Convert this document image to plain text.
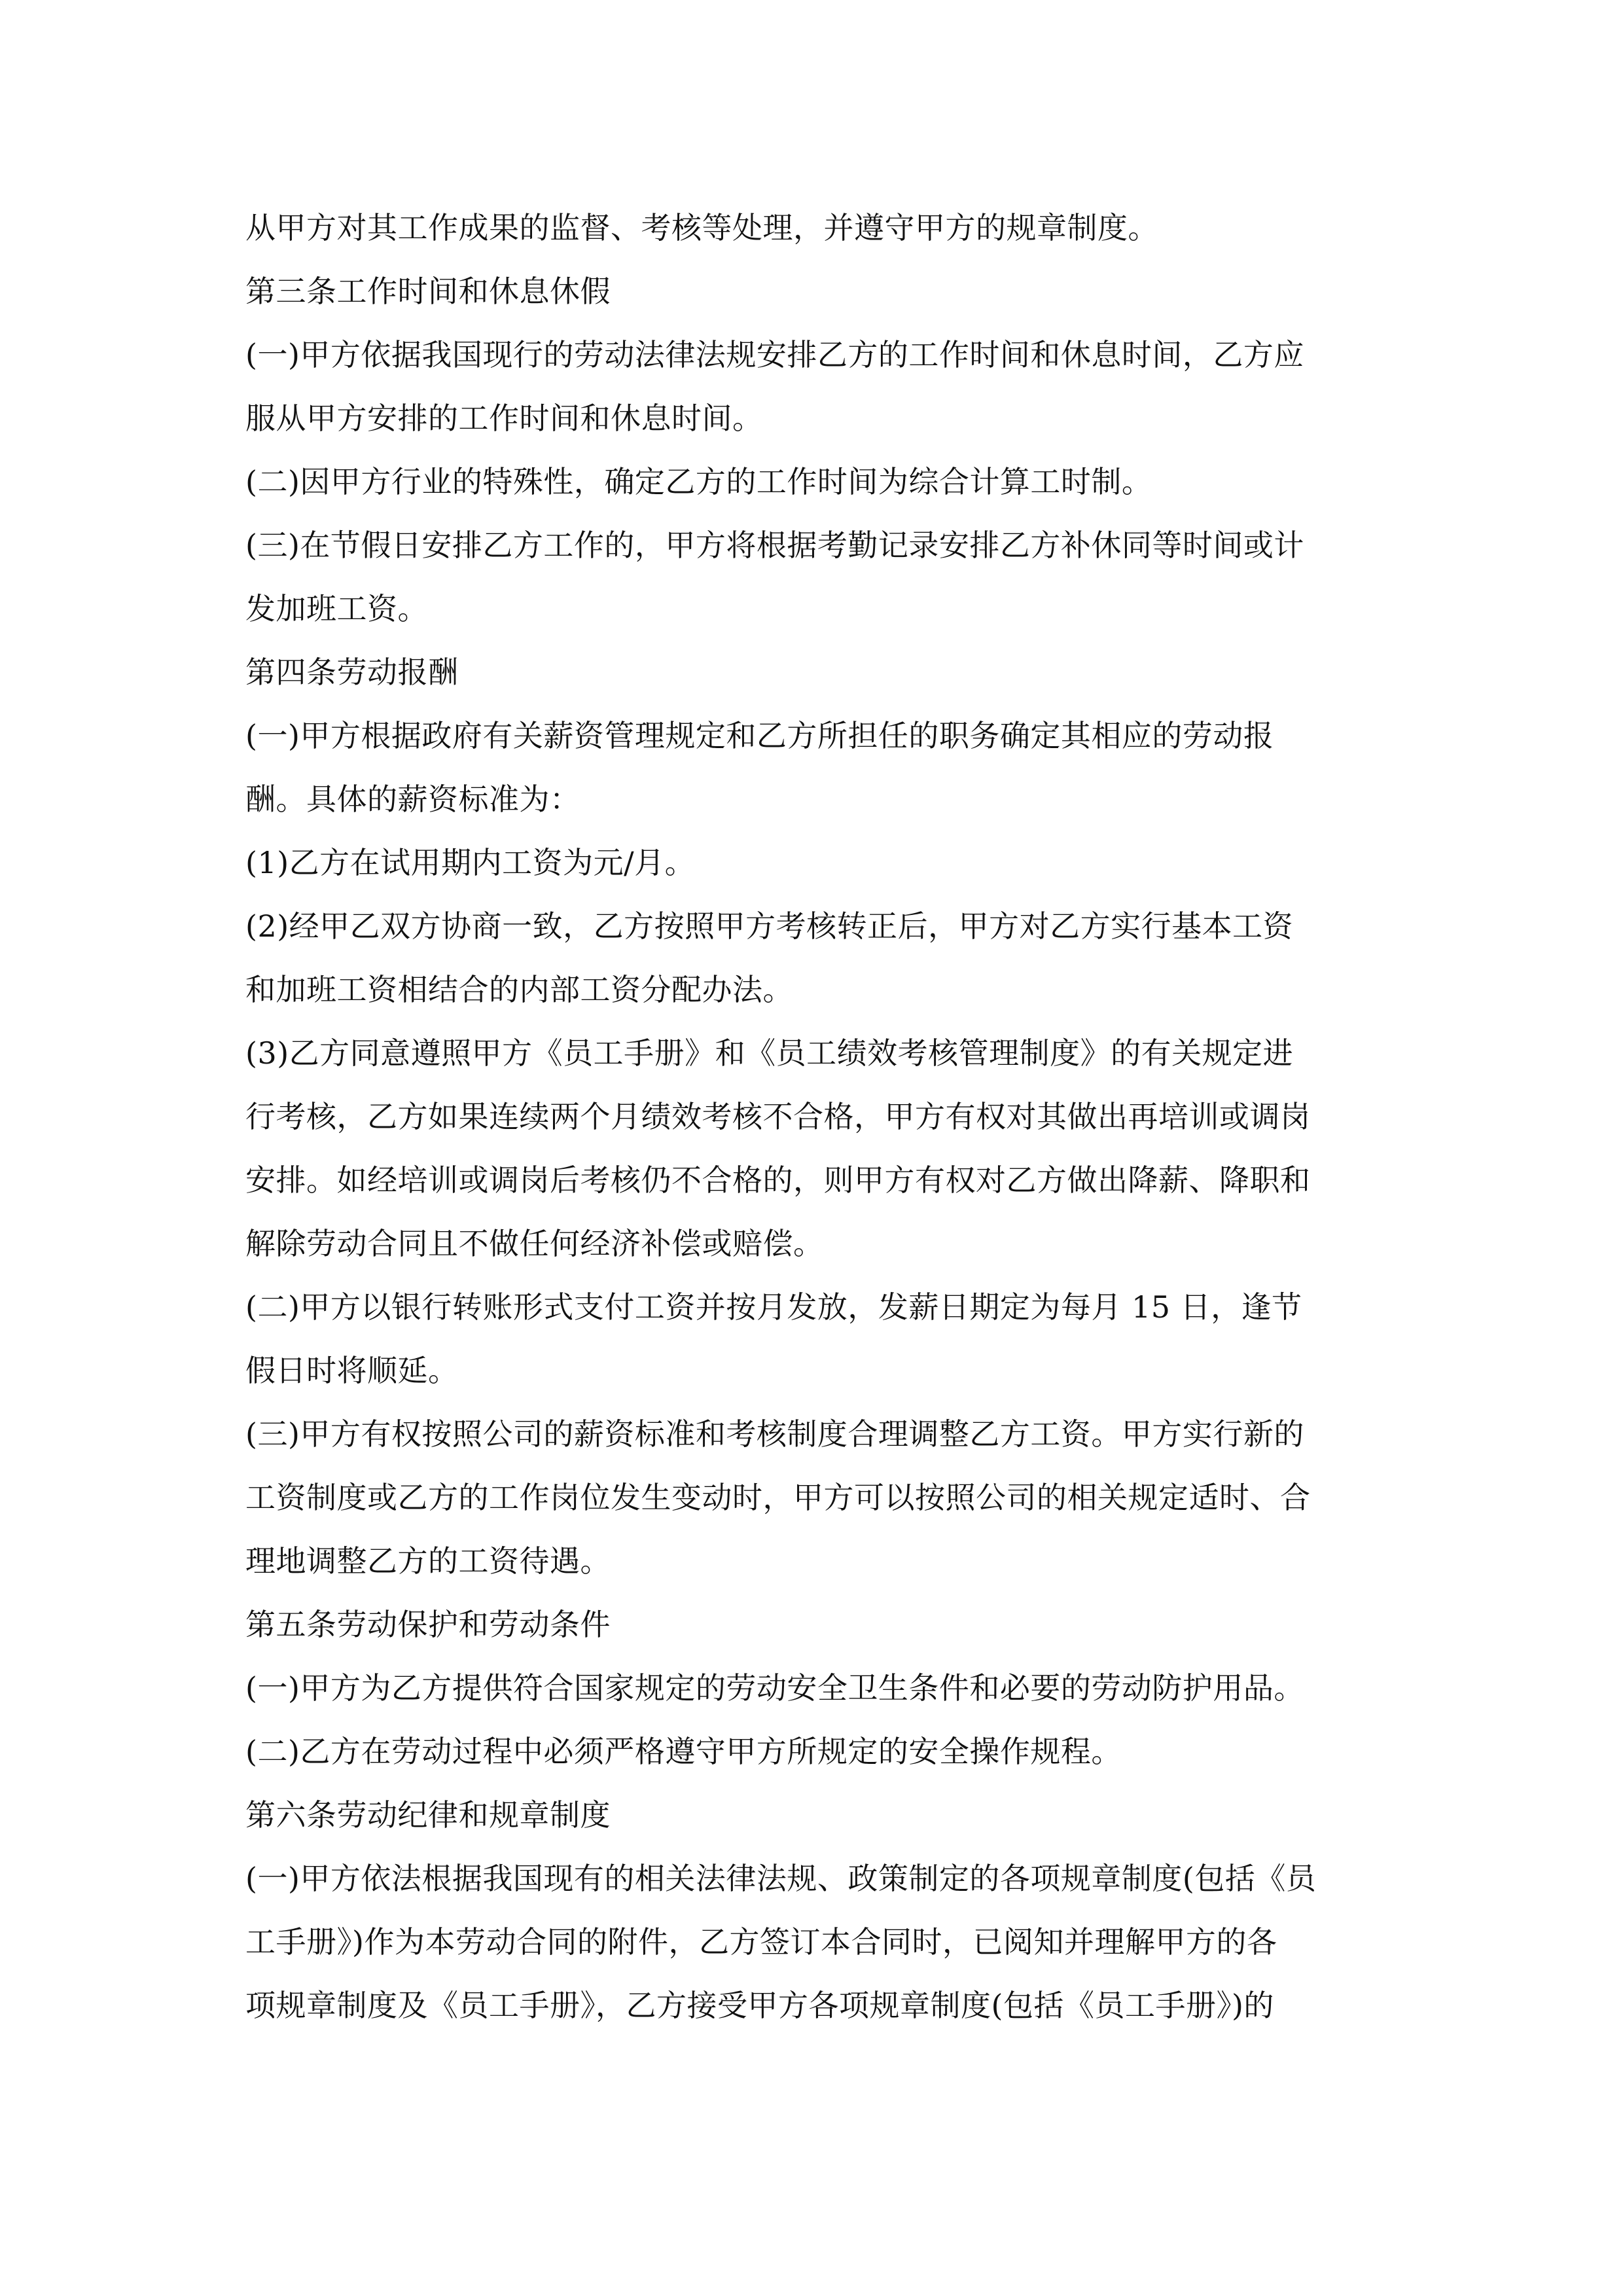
从甲方对其工作成果的监督、考核等处理，并遵守甲方的规章制度。
第三条工作时间和休息休假
(一)甲方依据我国现行的劳动法律法规安排乙方的工作时间和休息时间，乙方应
服从甲方安排的工作时间和休息时间。
(二)因甲方行业的特殊性，确定乙方的工作时间为综合计算工时制。
(三)在节假日安排乙方工作的，甲方将根据考勤记录安排乙方补休同等时间或计
发加班工资。
第四条劳动报酬
(一)甲方根据政府有关薪资管理规定和乙方所担任的职务确定其相应的劳动报
酬。具体的薪资标准为：
(1)乙方在试用期内工资为元/月。
(2)经甲乙双方协商一致，乙方按照甲方考核转正后，甲方对乙方实行基本工资
和加班工资相结合的内部工资分配办法。
(3)乙方同意遵照甲方《员工手册》和《员工绩效考核管理制度》的有关规定进
行考核，乙方如果连续两个月绩效考核不合格，甲方有权对其做出再培训或调岗
安排。如经培训或调岗后考核仍不合格的，则甲方有权对乙方做出降薪、降职和
解除劳动合同且不做任何经济补偿或赔偿。
(二)甲方以银行转账形式支付工资并按月发放，发薪日期定为每月 15 日，逢节
假日时将顺延。
(三)甲方有权按照公司的薪资标准和考核制度合理调整乙方工资。甲方实行新的
工资制度或乙方的工作岗位发生变动时，甲方可以按照公司的相关规定适时、合
理地调整乙方的工资待遇。
第五条劳动保护和劳动条件
(一)甲方为乙方提供符合国家规定的劳动安全卫生条件和必要的劳动防护用品。
(二)乙方在劳动过程中必须严格遵守甲方所规定的安全操作规程。
第六条劳动纪律和规章制度
(一)甲方依法根据我国现有的相关法律法规、政策制定的各项规章制度(包括《员
工手册》)作为本劳动合同的附件，乙方签订本合同时，已阅知并理解甲方的各
项规章制度及《员工手册》，乙方接受甲方各项规章制度(包括《员工手册》)的
